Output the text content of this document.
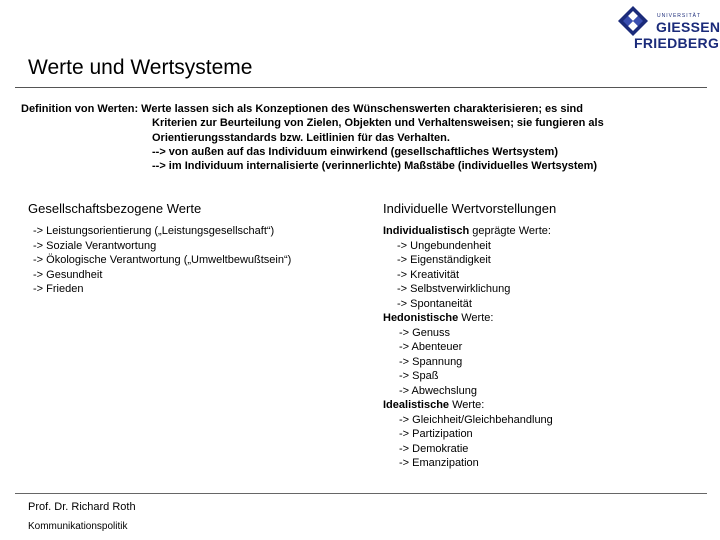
UNIVERSITÄT
GIESSEN
FRIEDBERG
Werte und Wertsysteme
Definition von Werten: Werte lassen sich als Konzeptionen des Wünschenswerten charakterisieren; es sind
Kriterien zur Beurteilung von Zielen, Objekten und Verhaltensweisen; sie fungieren als
Orientierungsstandards bzw. Leitlinien für das Verhalten.
--> von außen auf das Individuum einwirkend (gesellschaftliches Wertsystem)
--> im Individuum internalisierte (verinnerlichte) Maßstäbe (individuelles Wertsystem)
Gesellschaftsbezogene Werte
-> Leistungsorientierung („Leistungsgesellschaft“)
-> Soziale Verantwortung
-> Ökologische Verantwortung („Umweltbewußtsein“)
-> Gesundheit
-> Frieden
Individuelle Wertvorstellungen
Individualistisch geprägte Werte:
-> Ungebundenheit
-> Eigenständigkeit
-> Kreativität
-> Selbstverwirklichung
-> Spontaneität
Hedonistische Werte:
-> Genuss
-> Abenteuer
-> Spannung
-> Spaß
-> Abwechslung
Idealistische Werte:
-> Gleichheit/Gleichbehandlung
-> Partizipation
-> Demokratie
-> Emanzipation
Prof. Dr. Richard Roth
Kommunikationspolitik
